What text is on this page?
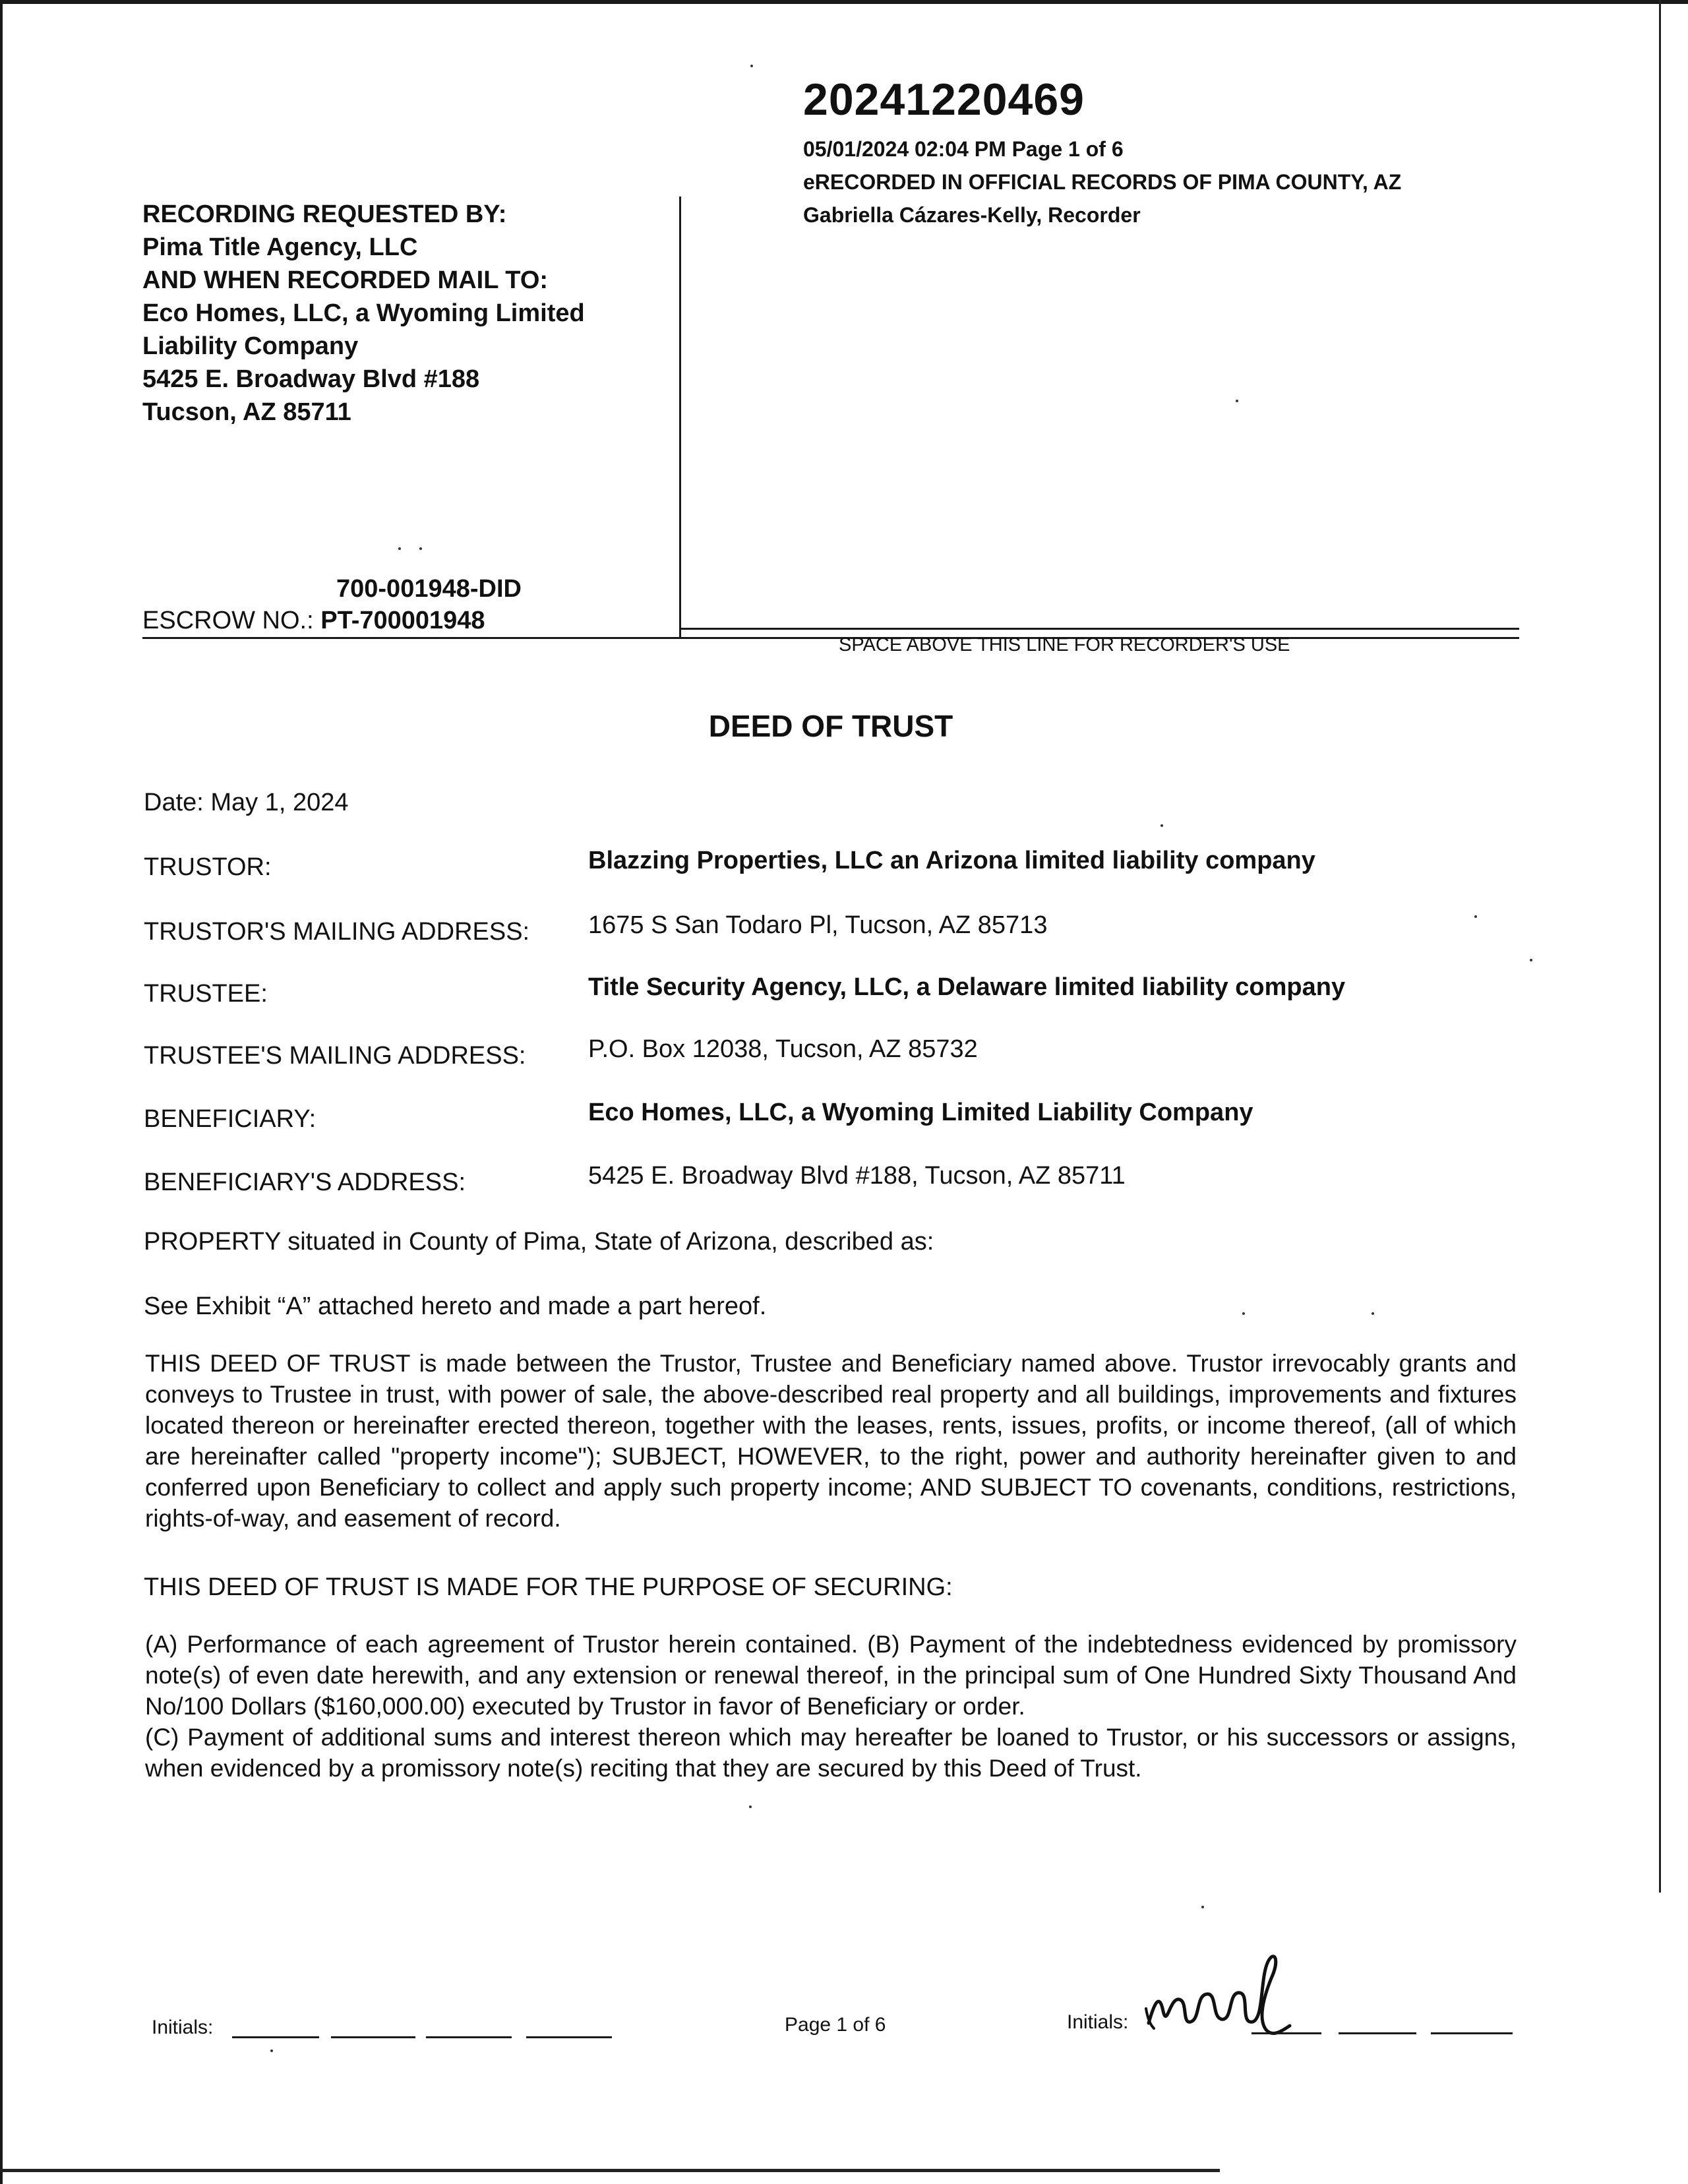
20241220469
05/01/2024 02:04 PM Page 1 of 6
eRECORDED IN OFFICIAL RECORDS OF PIMA COUNTY, AZ
Gabriella Cázares-Kelly, Recorder
RECORDING REQUESTED BY:
Pima Title Agency, LLC
AND WHEN RECORDED MAIL TO:
Eco Homes, LLC, a Wyoming Limited
Liability Company
5425 E. Broadway Blvd #188
Tucson, AZ 85711
700-001948-DID
ESCROW NO.: PT-700001948
SPACE ABOVE THIS LINE FOR RECORDER'S USE
DEED OF TRUST
Date: May 1, 2024
TRUSTOR:	Blazzing Properties, LLC an Arizona limited liability company
TRUSTOR'S MAILING ADDRESS: 1675 S San Todaro Pl, Tucson, AZ 85713
TRUSTEE:	Title Security Agency, LLC, a Delaware limited liability company
TRUSTEE'S MAILING ADDRESS: P.O. Box 12038, Tucson, AZ 85732
BENEFICIARY:	Eco Homes, LLC, a Wyoming Limited Liability Company
BENEFICIARY'S ADDRESS:	5425 E. Broadway Blvd #188, Tucson, AZ 85711
PROPERTY situated in County of Pima, State of Arizona, described as:
See Exhibit “A” attached hereto and made a part hereof.
THIS DEED OF TRUST is made between the Trustor, Trustee and Beneficiary named above. Trustor irrevocably grants and conveys to Trustee in trust, with power of sale, the above-described real property and all buildings, improvements and fixtures located thereon or hereinafter erected thereon, together with the leases, rents, issues, profits, or income thereof, (all of which are hereinafter called "property income"); SUBJECT, HOWEVER, to the right, power and authority hereinafter given to and conferred upon Beneficiary to collect and apply such property income; AND SUBJECT TO covenants, conditions, restrictions, rights-of-way, and easement of record.
THIS DEED OF TRUST IS MADE FOR THE PURPOSE OF SECURING:
(A) Performance of each agreement of Trustor herein contained. (B) Payment of the indebtedness evidenced by promissory note(s) of even date herewith, and any extension or renewal thereof, in the principal sum of One Hundred Sixty Thousand And No/100 Dollars ($160,000.00) executed by Trustor in favor of Beneficiary or order.
(C) Payment of additional sums and interest thereon which may hereafter be loaned to Trustor, or his successors or assigns, when evidenced by a promissory note(s) reciting that they are secured by this Deed of Trust.
Initials:	Page 1 of 6	Initials:
